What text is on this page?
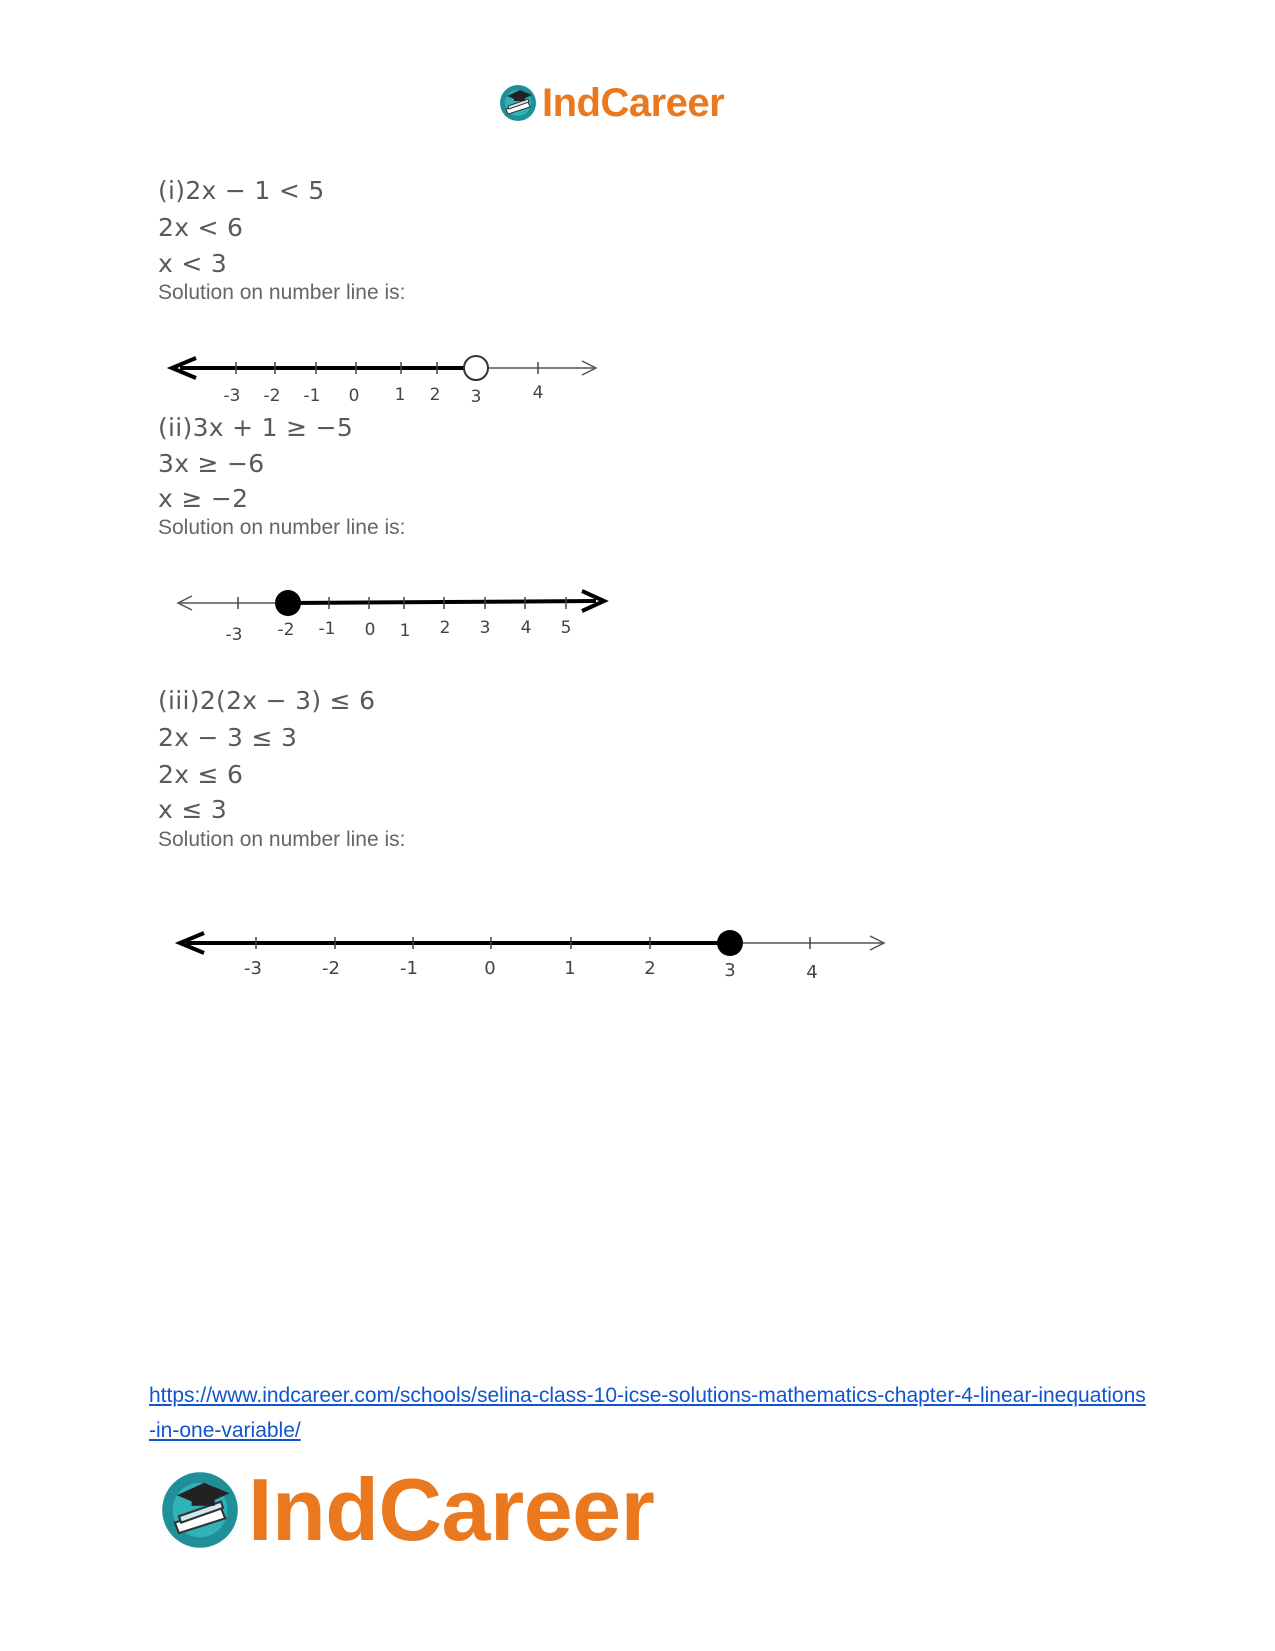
IndCareer
(i)2x − 1 < 5
2x < 6
x < 3
Solution on number line is:
-3 -2 -1 0 1 2 3	4
-3 -2 -1 0 1 2 3 4 5
-3	-2	-1	0	1	2	3	4
(ii)3x + 1 ≥ −5
3x ≥ −6
x ≥ −2
Solution on number line is:
(iii)2(2x − 3) ≤ 6
2x − 3 ≤ 3
2x ≤ 6
x ≤ 3
Solution on number line is:
https://www.indcareer.com/schools/selina-class-10-icse-solutions-mathematics-chapter-4-linear-inequations-in-one-variable/
IndCareer
